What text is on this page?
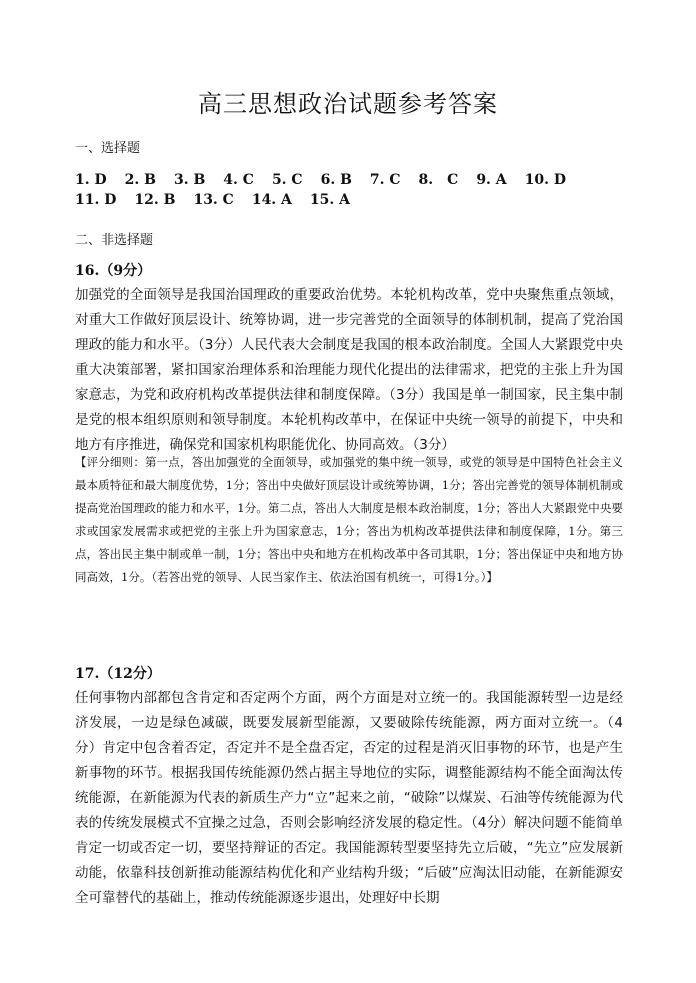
高三思想政治试题参考答案
一、选择题
1. D 2. B 3. B 4. C 5. C 6. B 7. C 8.　C 9. A 10. D
11. D 12. B 13. C 14. A 15. A
二、非选择题
16.（9分）
加强党的全面领导是我国治国理政的重要政治优势。本轮机构改革，党中央聚焦重点领域，对重大工作做好顶层设计、统筹协调，进一步完善党的全面领导的体制机制，提高了党治国理政的能力和水平。（3分）人民代表大会制度是我国的根本政治制度。全国人大紧跟党中央重大决策部署，紧扣国家治理体系和治理能力现代化提出的法律需求，把党的主张上升为国家意志，为党和政府机构改革提供法律和制度保障。（3分）我国是单一制国家，民主集中制是党的根本组织原则和领导制度。本轮机构改革中，在保证中央统一领导的前提下，中央和地方有序推进，确保党和国家机构职能优化、协同高效。（3分）
【评分细则：第一点，答出加强党的全面领导，或加强党的集中统一领导，或党的领导是中国特色社会主义最本质特征和最大制度优势，1分；答出中央做好顶层设计或统筹协调，1分；答出完善党的领导体制机制或提高党治国理政的能力和水平，1分。第二点，答出人大制度是根本政治制度，1分；答出人大紧跟党中央要求或国家发展需求或把党的主张上升为国家意志，1分；答出为机构改革提供法律和制度保障，1分。第三点，答出民主集中制或单一制，1分；答出中央和地方在机构改革中各司其职，1分；答出保证中央和地方协同高效，1分。（若答出党的领导、人民当家作主、依法治国有机统一，可得1分。）】
17.（12分）
任何事物内部都包含肯定和否定两个方面，两个方面是对立统一的。我国能源转型一边是经济发展，一边是绿色减碳，既要发展新型能源，又要破除传统能源，两方面对立统一。（4分）肯定中包含着否定，否定并不是全盘否定，否定的过程是消灭旧事物的环节，也是产生新事物的环节。根据我国传统能源仍然占据主导地位的实际，调整能源结构不能全面淘汰传统能源，在新能源为代表的新质生产力“立”起来之前，“破除”以煤炭、石油等传统能源为代表的传统发展模式不宜操之过急，否则会影响经济发展的稳定性。（4分）解决问题不能简单肯定一切或否定一切，要坚持辩证的否定。我国能源转型要坚持先立后破，“先立”应发展新动能，依靠科技创新推动能源结构优化和产业结构升级；“后破”应淘汰旧动能，在新能源安全可靠替代的基础上，推动传统能源逐步退出，处理好中长期
